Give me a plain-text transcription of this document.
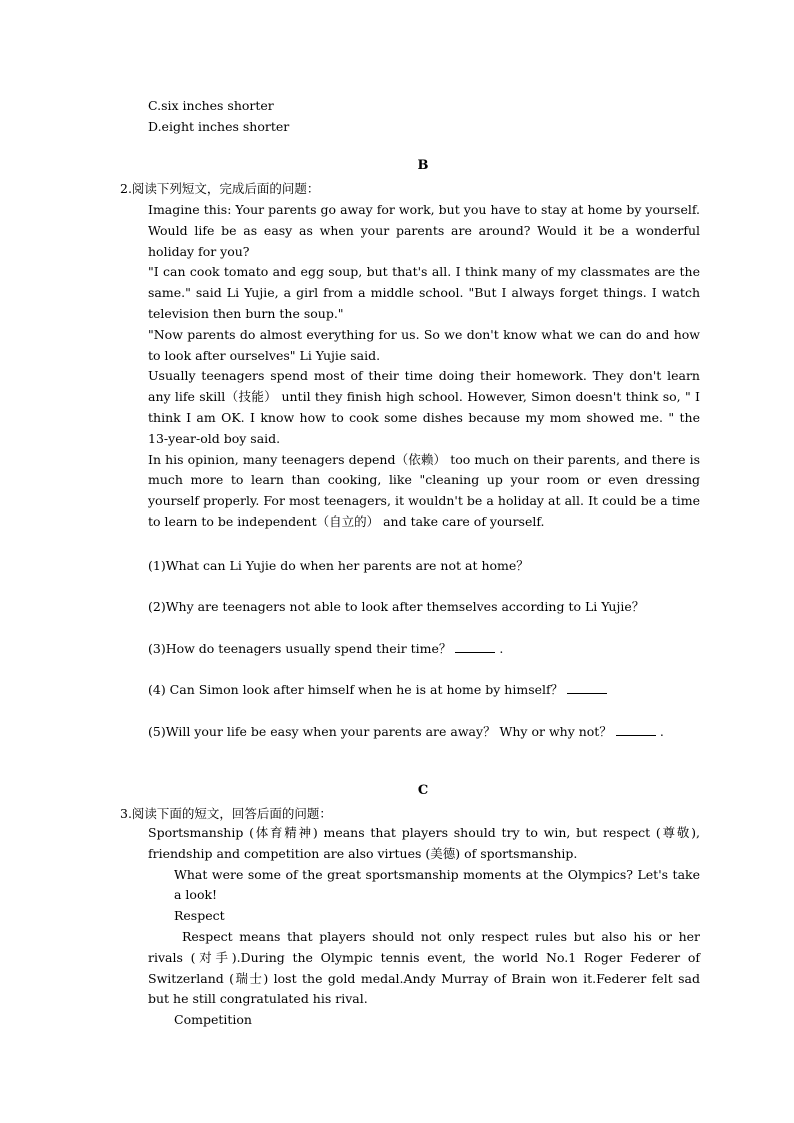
C.six inches shorter
D.eight inches shorter
B
2.阅读下列短文，完成后面的问题：

Imagine this: Your parents go away for work, but you have to stay at home by yourself. Would life be as easy as when your parents are around? Would it be a wonderful holiday for you?

"I can cook tomato and egg soup, but that's all. I think many of my classmates are the same." said Li Yujie, a girl from a middle school. "But I always forget things. I watch television then burn the soup."

"Now parents do almost everything for us. So we don't know what we can do and how to look after ourselves" Li Yujie said.

Usually teenagers spend most of their time doing their homework. They don't learn any life skill（技能） until they finish high school. However, Simon doesn't think so, " I think I am OK. I know how to cook some dishes because my mom showed me. " the 13-year-old boy said.

In his opinion, many teenagers depend（依赖） too much on their parents, and there is much more to learn than cooking, like "cleaning up your room or even dressing yourself properly. For most teenagers, it wouldn't be a holiday at all. It could be a time to learn to be independent（自立的） and take care of yourself.

(1)What can Li Yujie do when her parents are not at home？
(2)Why are teenagers not able to look after themselves according to Li Yujie？
(3)How do teenagers usually spend their time？	.
(4) Can Simon look after himself when he is at home by himself？
(5)Will your life be easy when your parents are away？ Why or why not？	.
C
3.阅读下面的短文，回答后面的问题：

Sportsmanship (体育精神) means that players should try to win, but respect (尊敬), friendship and competition are also virtues (美德) of sportsmanship.

What were some of the great sportsmanship moments at the Olympics? Let's take a look!

Respect

Respect means that players should not only respect rules but also his or her rivals (对手).During the Olympic tennis event, the world No.1 Roger Federer of Switzerland (瑞士) lost the gold medal.Andy Murray of Brain won it.Federer felt sad but he still congratulated his rival.

Competition
